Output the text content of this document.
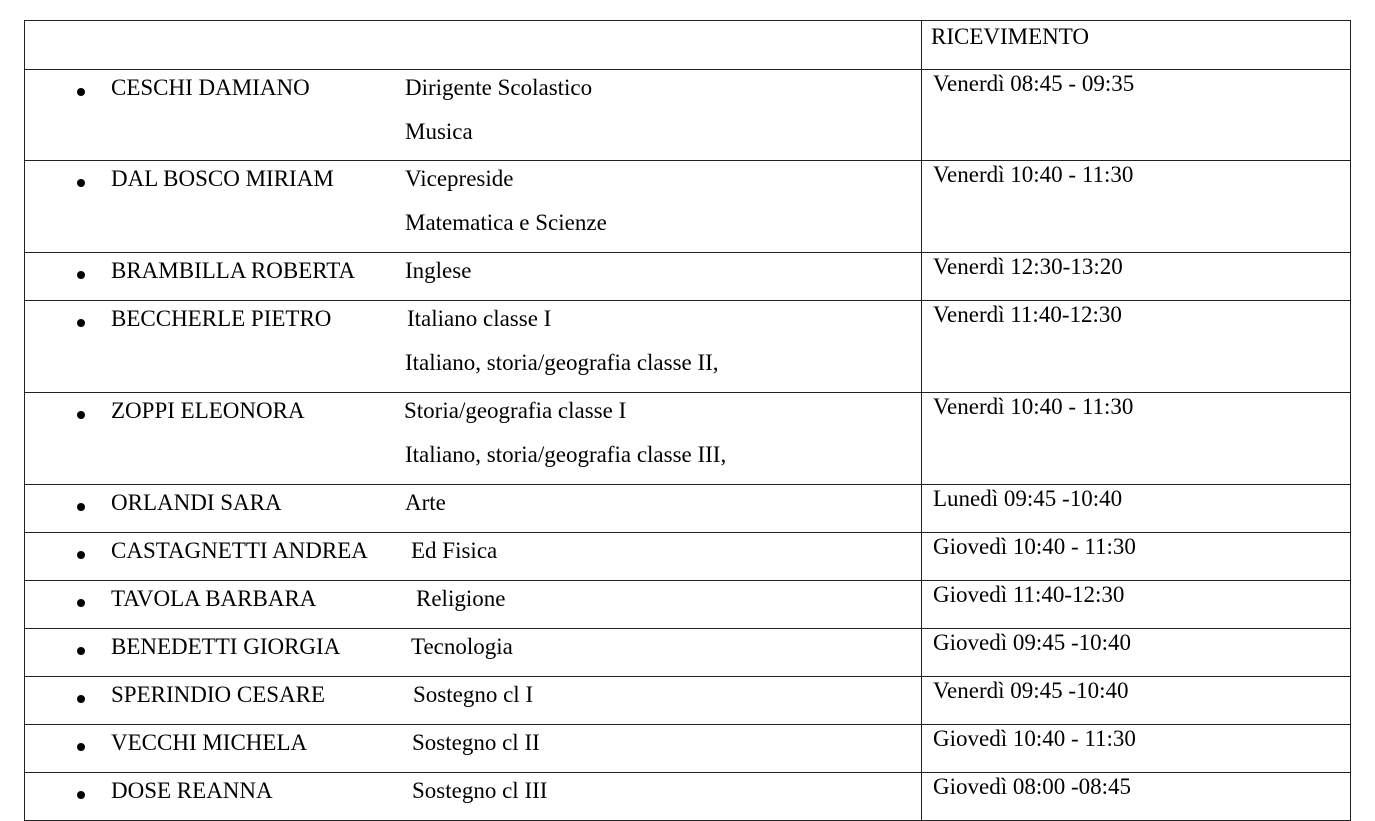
	RICEVIMENTO

CESCHI DAMIANO Dirigente Scolastico
Musica	Venerdì 08:45 - 09:35

DAL BOSCO MIRIAM Vicepreside
Matematica e Scienze	Venerdì 10:40 - 11:30

BRAMBILLA ROBERTA Inglese	Venerdì 12:30-13:20

BECCHERLE PIETRO Italiano classe I
Italiano, storia/geografia classe II,	Venerdì 11:40-12:30

ZOPPI ELEONORA Storia/geografia classe I
Italiano, storia/geografia classe III,	Venerdì 10:40 - 11:30

ORLANDI SARA Arte	Lunedì 09:45 -10:40

CASTAGNETTI ANDREA Ed Fisica	Giovedì 10:40 - 11:30

TAVOLA BARBARA Religione	Giovedì 11:40-12:30

BENEDETTI GIORGIA Tecnologia	Giovedì 09:45 -10:40

SPERINDIO CESARE Sostegno cl I	Venerdì 09:45 -10:40

VECCHI MICHELA Sostegno cl II	Giovedì 10:40 - 11:30

DOSE REANNA Sostegno cl III	Giovedì 08:00 -08:45
